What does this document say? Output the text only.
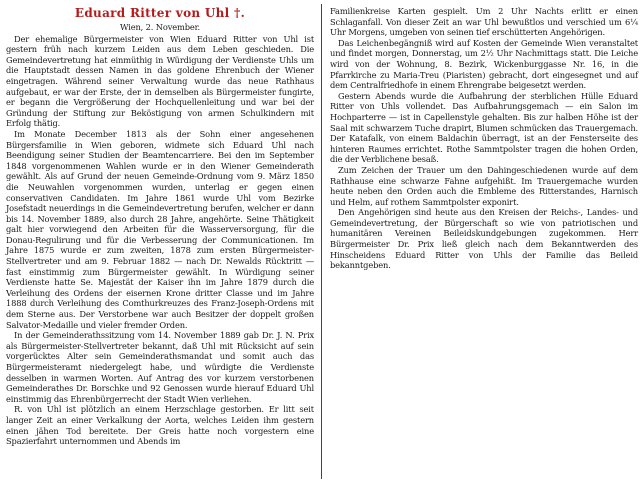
Eduard Ritter von Uhl †.
Wien, 2. November.

Der ehemalige Bürgermeister von Wien Eduard Ritter von Uhl ist gestern früh nach kurzem Leiden aus dem Leben geschieden. Die Gemeindevertretung hat einmüthig in Würdigung der Verdienste Uhls um die Hauptstadt dessen Namen in das goldene Ehrenbuch der Wiener eingetragen. Während seiner Verwaltung wurde das neue Rathhaus aufgebaut, er war der Erste, der in demselben als Bürgermeister fungirte, er begann die Vergrößerung der Hochquellenleitung und war bei der Gründung der Stiftung zur Beköstigung von armen Schulkindern mit Erfolg thätig.

Im Monate December 1813 als der Sohn einer angesehenen Bürgersfamilie in Wien geboren, widmete sich Eduard Uhl nach Beendigung seiner Studien der Beamtencarriere. Bei den im September 1848 vorgenommenen Wahlen wurde er in den Wiener Gemeinderath gewählt. Als auf Grund der neuen Gemeinde-Ordnung vom 9. März 1850 die Neuwahlen vorgenommen wurden, unterlag er gegen einen conservativen Candidaten. Im Jahre 1861 wurde Uhl vom Bezirke Josefstadt neuerdings in die Gemeindevertretung berufen, welcher er dann bis 14. November 1889, also durch 28 Jahre, angehörte. Seine Thätigkeit galt hier vorwiegend den Arbeiten für die Wasserversorgung, für die Donau-Regulirung und für die Verbesserung der Communicationen. Im Jahre 1875 wurde er zum zweiten, 1878 zum ersten Bürgermeister-Stellvertreter und am 9. Februar 1882 — nach Dr. Newalds Rücktritt — fast einstimmig zum Bürgermeister gewählt. In Würdigung seiner Verdienste hatte Se. Majestät der Kaiser ihn im Jahre 1879 durch die Verleihung des Ordens der eisernen Krone dritter Classe und im Jahre 1888 durch Verleihung des Comthurkreuzes des Franz-Joseph-Ordens mit dem Sterne aus. Der Verstorbene war auch Besitzer der doppelt großen Salvator-Medaille und vieler fremder Orden.

In der Gemeinderathssitzung vom 14. November 1889 gab Dr. J. N. Prix als Bürgermeister-Stellvertreter bekannt, daß Uhl mit Rücksicht auf sein vorgerücktes Alter sein Gemeinderathsmandat und somit auch das Bürgermeisteramt niedergelegt habe, und würdigte die Verdienste desselben in warmen Worten. Auf Antrag des vor kurzem verstorbenen Gemeinderathes Dr. Borschke und 92 Genossen wurde hierauf Eduard Uhl einstimmig das Ehrenbürgerrecht der Stadt Wien verliehen.

R. von Uhl ist plötzlich an einem Herzschlage gestorben. Er litt seit langer Zeit an einer Verkalkung der Aorta, welches Leiden ihm gestern einen jähen Tod bereitete. Der Greis hatte noch vorgestern eine Spazierfahrt unternommen und Abends im

Familienkreise Karten gespielt. Um 2 Uhr Nachts erlitt er einen Schlaganfall. Von dieser Zeit an war Uhl bewußtlos und verschied um 6¼ Uhr Morgens, umgeben von seinen tief erschütterten Angehörigen.

Das Leichenbegängniß wird auf Kosten der Gemeinde Wien veranstaltet und findet morgen, Donnerstag, um 2½ Uhr Nachmittags statt. Die Leiche wird von der Wohnung, 8. Bezirk, Wickenburggasse Nr. 16, in die Pfarrkirche zu Maria-Treu (Piaristen) gebracht, dort eingesegnet und auf dem Centralfriedhofe in einem Ehrengrabe beigesetzt werden.

Gestern Abends wurde die Aufbahrung der sterblichen Hülle Eduard Ritter von Uhls vollendet. Das Aufbahrungsgemach — ein Salon im Hochparterre — ist in Capellenstyle gehalten. Bis zur halben Höhe ist der Saal mit schwarzem Tuche drapirt, Blumen schmücken das Trauergemach. Der Katafalk, von einem Baldachin überragt, ist an der Fensterseite des hinteren Raumes errichtet. Rothe Sammtpolster tragen die hohen Orden, die der Verblichene besaß.

Zum Zeichen der Trauer um den Dahingeschiedenen wurde auf dem Rathhause eine schwarze Fahne aufgehißt. Im Trauergemache wurden heute neben den Orden auch die Embleme des Ritterstandes, Harnisch und Helm, auf rothem Sammtpolster exponirt.

Den Angehörigen sind heute aus den Kreisen der Reichs-, Landes- und Gemeindevertretung, der Bürgerschaft so wie von patriotischen und humanitären Vereinen Beileidskundgebungen zugekommen. Herr Bürgermeister Dr. Prix ließ gleich nach dem Bekanntwerden des Hinscheidens Eduard Ritter von Uhls der Familie das Beileid bekanntgeben.
